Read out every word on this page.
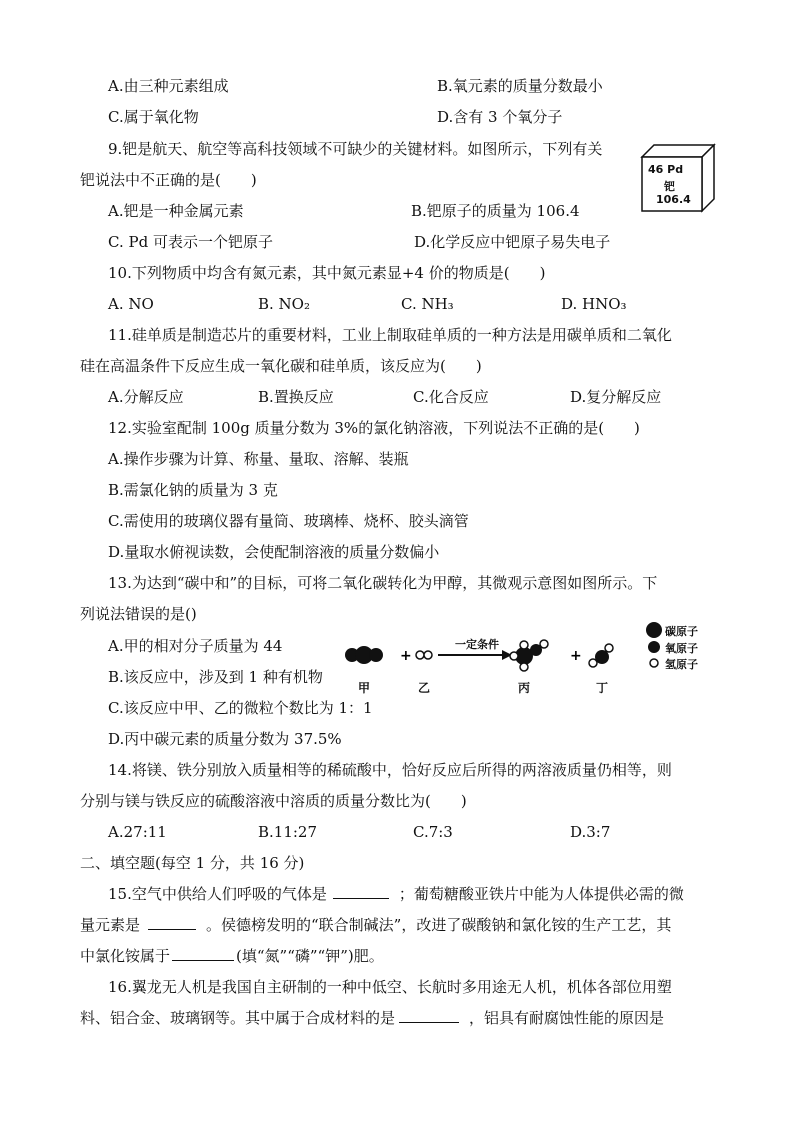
A.由三种元素组成	B.氧元素的质量分数最小
C.属于氧化物	D.含有 3 个氧分子
9.钯是航天、航空等高科技领域不可缺少的关键材料。如图所示，下列有关
钯说法中不正确的是(　　)
A.钯是一种金属元素	B.钯原子的质量为 106.4
C. Pd 可表示一个钯原子	D.化学反应中钯原子易失电子
46 Pd
钯
106.4
10.下列物质中均含有氮元素，其中氮元素显+4 价的物质是(　　)
A. NO	B. NO₂	C. NH₃	D. HNO₃
11.硅单质是制造芯片的重要材料，工业上制取硅单质的一种方法是用碳单质和二氧化
硅在高温条件下反应生成一氧化碳和硅单质，该反应为(　　)
A.分解反应	B.置换反应	C.化合反应	D.复分解反应
12.实验室配制 100g 质量分数为 3%的氯化钠溶液，下列说法不正确的是(　　)
A.操作步骤为计算、称量、量取、溶解、装瓶
B.需氯化钠的质量为 3 克
C.需使用的玻璃仪器有量筒、玻璃棒、烧杯、胶头滴管
D.量取水俯视读数，会使配制溶液的质量分数偏小
13.为达到“碳中和”的目标，可将二氧化碳转化为甲醇，其微观示意图如图所示。下
列说法错误的是()
A.甲的相对分子质量为 44
B.该反应中，涉及到 1 种有机物
C.该反应中甲、乙的微粒个数比为 1：1
D.丙中碳元素的质量分数为 37.5%
+	+
一定条件
甲	乙	丙	丁
碳原子
氧原子
氢原子
14.将镁、铁分别放入质量相等的稀硫酸中，恰好反应后所得的两溶液质量仍相等，则
分别与镁与铁反应的硫酸溶液中溶质的质量分数比为(　　)
A.27:11	B.11:27	C.7:3	D.3:7
二、填空题(每空 1 分，共 16 分)
15.空气中供给人们呼吸的气体是	；葡萄糖酸亚铁片中能为人体提供必需的微
量元素是	。侯德榜发明的“联合制碱法”，改进了碳酸钠和氯化铵的生产工艺，其
中氯化铵属于	(填“氮”“磷”“钾”)肥。
16.翼龙无人机是我国自主研制的一种中低空、长航时多用途无人机，机体各部位用塑
料、铝合金、玻璃钢等。其中属于合成材料的是	，铝具有耐腐蚀性能的原因是
